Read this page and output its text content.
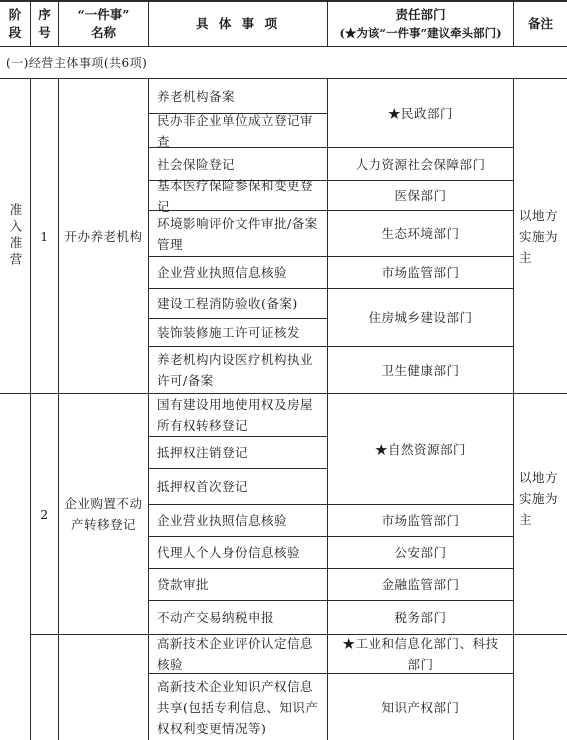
阶段
序号
“一件事”
名称
具 体 事 项
责任部门
(★为该“一件事”建议牵头部门)
备注
(一)经营主体事项(共6项)
准入准营 1 开办养老机构
养老机构备案
民办非企业单位成立登记审查
社会保险登记
基本医疗保险参保和变更登记
环境影响评价文件审批/备案管理
企业营业执照信息核验
建设工程消防验收(备案)
装饰装修施工许可证核发
养老机构内设医疗机构执业许可/备案
★民政部门
人力资源社会保障部门
医保部门
生态环境部门
市场监管部门
住房城乡建设部门
卫生健康部门
以地方实施为主
2
企业购置不动产转移登记
国有建设用地使用权及房屋所有权转移登记
抵押权注销登记
抵押权首次登记
企业营业执照信息核验
代理人个人身份信息核验
贷款审批
不动产交易纳税申报
★自然资源部门
市场监管部门
公安部门
金融监管部门
税务部门
以地方实施为主
高新技术企业评价认定信息核验
高新技术企业知识产权信息共享(包括专利信息、知识产权权利变更情况等)
★工业和信息化部门、科技部门
知识产权部门
